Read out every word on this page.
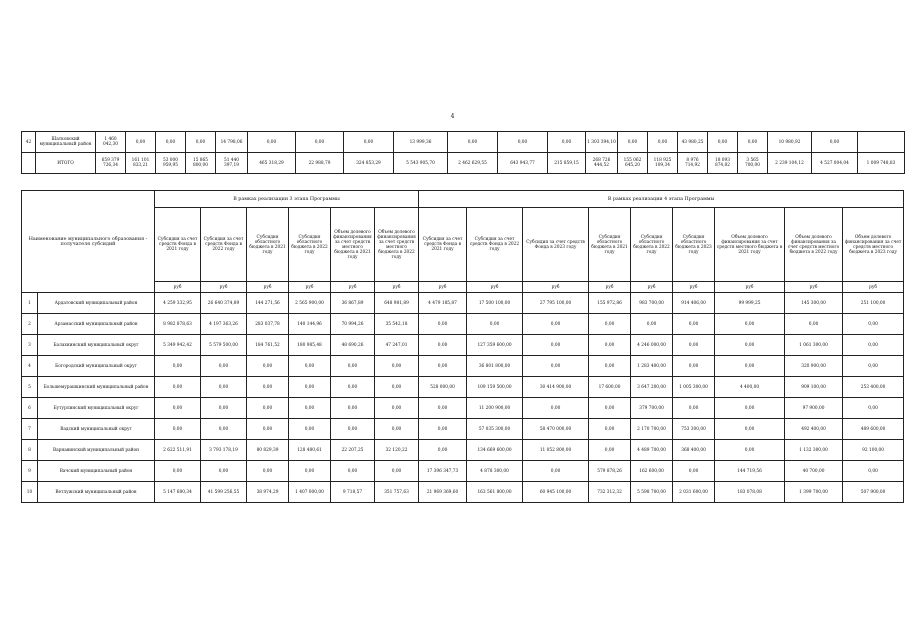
4
42	Шатковский муниципальный район	1 460 042,30	0,00	0,00	0,00	14 798,06	0,00	0,00	0,00	13 999,36	0,00	0,00	0,00	1 303 394,10	0,00	0,00	43 980,25	0,00	0,00	10 980,92	0,00	
	ИТОГО	659 379 726,34	161 101 833,21	53 000 959,95	15 865 800,00	51 440 397,19	465 318,29	22 988,79	324 853,29	5 543 905,70	2 462 629,55	643 943,77	215 859,15	268 726 444,52	155 062 645,20	118 925 109,34	8 976 714,92	18 093 874,82	3 565 700,00	2 239 104,12	4 527 004,04	1 009 748,83
Наименование муниципального образования - получателя субсидий		В рамках реализации 3 этапа Программы						В рамках реализации 4 этапа Программы								
		Субсидия за счет средств Фонда в 2021 году	Субсидия за счет средств Фонда в 2022 году	Субсидия областного бюджета в 2021 году	Субсидия областного бюджета в 2022 году	Объем долевого финансирования за счет средств местного бюджета в 2021 году	Объем долевого финансирования за счет средств местного бюджета в 2022 году	Субсидия за счет средств Фонда в 2021 году	Субсидия за счет средств Фонда в 2022 году	Субсидия за счет средств Фонда в 2023 году	Субсидия областного бюджета в 2021 году	Субсидия областного бюджета в 2022 году	Субсидия областного бюджета в 2023 году	Объем долевого финансирования за счет средств местного бюджета в 2021 году	Объем долевого финансирования за счет средств местного бюджета в 2022 году	Объем долевого финансирования за счет средств местного бюджета в 2023 году
		руб	руб	руб	руб	руб	руб	руб	руб	руб	руб	руб	руб	руб	руб	руб
1	Ардатовский муниципальный район	4 259 332,95	26 640 374,89	144 271,56	2 565 900,00	36 867,89	648 981,89	4 479 185,87	17 500 100,00	27 795 100,00	155 972,86	983 700,00	914 406,00	99 999,25	145 300,00	251 100,00
2	Арзамасский муниципальный район	8 982 878,63	4 197 363,26	283 037,78	140 144,96	70 994,26	35 542,18	0,00	0,00	0,00	0,00	0,00	0,00	0,00	0,00	0,00
3	Балахнинский муниципальный округ	5 349 942,42	5 579 500,00	184 761,52	180 985,48	48 690,26	47 247,01	0,00	127 359 600,00	0,00	0,00	4 246 000,00	0,00	0,00	1 061 300,00	0,00
4	Богородский муниципальный округ	0,00	0,00	0,00	0,00	0,00	0,00	0,00	36 801 800,00	0,00	0,00	1 283 400,00	0,00	0,00	320 900,00	0,00
5	Большемурашкинский муниципальный район	0,00	0,00	0,00	0,00	0,00	0,00	528 000,00	109 159 500,00	30 414 900,00	17 600,00	3 647 200,00	1 005 300,00	4 400,00	909 100,00	253 400,00
6	Бутурлинский муниципальный округ	0,00	0,00	0,00	0,00	0,00	0,00	0,00	11 200 900,00	0,00	0,00	379 700,00	0,00	0,00	97 900,00	0,00
7	Вадский муниципальный округ	0,00	0,00	0,00	0,00	0,00	0,00	0,00	57 035 300,00	58 470 000,00	0,00	2 170 700,00	753 300,00	0,00	492 400,00	489 600,00
8	Варнавинский муниципальный район	2 622 511,91	3 793 178,19	80 829,39	128 480,61	22 207,25	32 120,22	0,00	134 669 600,00	11 052 800,00	0,00	4 489 700,00	368 400,00	0,00	1 132 300,00	92 100,00
9	Вачский муниципальный район	0,00	0,00	0,00	0,00	0,00	0,00	17 396 347,73	4 878 300,00	0,00	579 878,26	162 600,00	0,00	144 719,56	40 700,00	0,00
10	Ветлужский муниципальный район	5 147 680,34	41 599 256,55	38 974,29	1 407 000,00	9 718,57	351 757,63	21 969 369,60	163 561 800,00	60 945 100,00	732 312,32	5 598 700,00	2 031 600,00	183 078,08	1 399 700,00	507 900,00
